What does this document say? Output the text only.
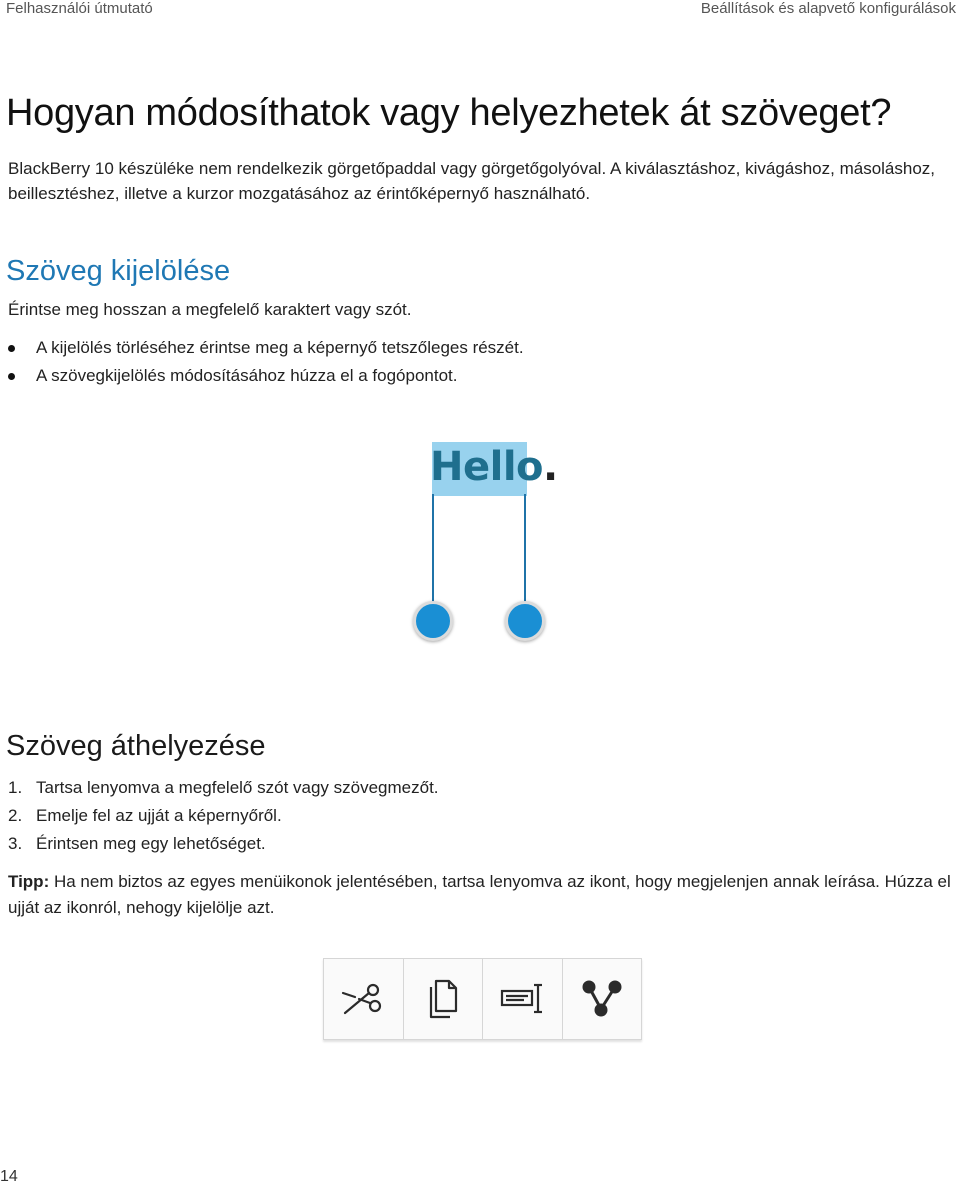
Felhasználói útmutató	Beállítások és alapvető konfigurálások
Hogyan módosíthatok vagy helyezhetek át szöveget?

BlackBerry 10 készüléke nem rendelkezik görgetőpaddal vagy görgetőgolyóval. A kiválasztáshoz, kivágáshoz, másoláshoz,

beillesztéshez, illetve a kurzor mozgatásához az érintőképernyő használható.

Szöveg kijelölése

Érintse meg hosszan a megfelelő karaktert vagy szót.

A kijelölés törléséhez érintse meg a képernyő tetszőleges részét.
A szövegkijelölés módosításához húzza el a fogópontot.
Hello.
Szöveg áthelyezése
1. Tartsa lenyomva a megfelelő szót vagy szövegmezőt.
2. Emelje fel az ujját a képernyőről.
3. Érintsen meg egy lehetőséget.

Tipp: Ha nem biztos az egyes menüikonok jelentésében, tartsa lenyomva az ikont, hogy megjelenjen annak leírása. Húzza el ujját az ikonról, nehogy kijelölje azt.

14
